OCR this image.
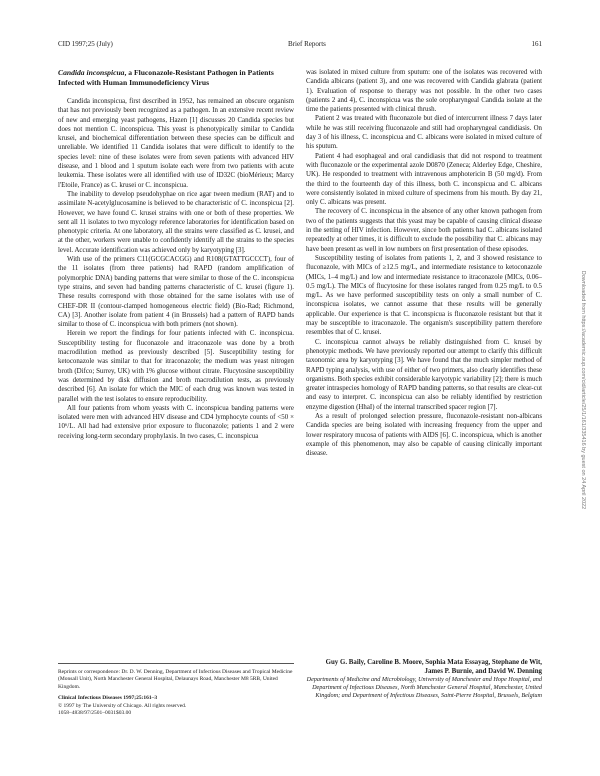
CID 1997;25 (July)	Brief Reports	161
Candida inconspicua, a Fluconazole-Resistant Pathogen in Patients Infected with Human Immunodeficiency Virus

Candida inconspicua, first described in 1952, has remained an obscure organism that has not previously been recognized as a pathogen. In an extensive recent review of new and emerging yeast pathogens, Hazen [1] discusses 20 Candida species but does not mention C. inconspicua. This yeast is phenotypically similar to Candida krusei, and biochemical differentiation between these species can be difficult and unreliable. We identified 11 Candida isolates that were difficult to identify to the species level: nine of these isolates were from seven patients with advanced HIV disease, and 1 blood and 1 sputum isolate each were from two patients with acute leukemia. These isolates were all identified with use of ID32C (bioMérieux; Marcy l'Etoile, France) as C. krusei or C. inconspicua.

The inability to develop pseudohyphae on rice agar tween medium (RAT) and to assimilate N-acetylglucosamine is believed to be characteristic of C. inconspicua [2]. However, we have found C. krusei strains with one or both of these properties. We sent all 11 isolates to two mycology reference laboratories for identification based on phenotypic criteria. At one laboratory, all the strains were classified as C. krusei, and at the other, workers were unable to confidently identify all the strains to the species level. Accurate identification was achieved only by karyotyping [3].

With use of the primers C11(GCGCACGG) and R108(GTATTGCCCT), four of the 11 isolates (from three patients) had RAPD (random amplification of polymorphic DNA) banding patterns that were similar to those of the C. inconspicua type strains, and seven had banding patterns characteristic of C. krusei (figure 1). These results correspond with those obtained for the same isolates with use of CHEF-DR II (contour-clamped homogeneous electric field) (Bio-Rad; Richmond, CA) [3]. Another isolate from patient 4 (in Brussels) had a pattern of RAPD bands similar to those of C. inconspicua with both primers (not shown).

Herein we report the findings for four patients infected with C. inconspicua. Susceptibility testing for fluconazole and itraconazole was done by a broth macrodilution method as previously described [5]. Susceptibility testing for ketoconazole was similar to that for itraconazole; the medium was yeast nitrogen broth (Difco; Surrey, UK) with 1% glucose without citrate. Flucytosine susceptibility was determined by disk diffusion and broth macrodilution tests, as previously described [6]. An isolate for which the MIC of each drug was known was tested in parallel with the test isolates to ensure reproducibility.

All four patients from whom yeasts with C. inconspicua banding patterns were isolated were men with advanced HIV disease and CD4 lymphocyte counts of <50 × 10⁶/L. All had had extensive prior exposure to fluconazole; patients 1 and 2 were receiving long-term secondary prophylaxis. In two cases, C. inconspicua

was isolated in mixed culture from sputum: one of the isolates was recovered with Candida albicans (patient 3), and one was recovered with Candida glabrata (patient 1). Evaluation of response to therapy was not possible. In the other two cases (patients 2 and 4), C. inconspicua was the sole oropharyngeal Candida isolate at the time the patients presented with clinical thrush.

Patient 2 was treated with fluconazole but died of intercurrent illness 7 days later while he was still receiving fluconazole and still had oropharyngeal candidiasis. On day 3 of his illness, C. inconspicua and C. albicans were isolated in mixed culture of his sputum.

Patient 4 had esophageal and oral candidiasis that did not respond to treatment with fluconazole or the experimental azole D0870 (Zeneca; Alderley Edge, Cheshire, UK). He responded to treatment with intravenous amphotericin B (50 mg/d). From the third to the fourteenth day of this illness, both C. inconspicua and C. albicans were consistently isolated in mixed culture of specimens from his mouth. By day 21, only C. albicans was present.

The recovery of C. inconspicua in the absence of any other known pathogen from two of the patients suggests that this yeast may be capable of causing clinical disease in the setting of HIV infection. However, since both patients had C. albicans isolated repeatedly at other times, it is difficult to exclude the possibility that C. albicans may have been present as well in low numbers on first presentation of these episodes.

Susceptibility testing of isolates from patients 1, 2, and 3 showed resistance to fluconazole, with MICs of ≥12.5 mg/L, and intermediate resistance to ketoconazole (MICs, 1–4 mg/L) and low and intermediate resistance to itraconazole (MICs, 0.06–0.5 mg/L). The MICs of flucytosine for these isolates ranged from 0.25 mg/L to 0.5 mg/L. As we have performed susceptibility tests on only a small number of C. inconspicua isolates, we cannot assume that these results will be generally applicable. Our experience is that C. inconspicua is fluconazole resistant but that it may be susceptible to itraconazole. The organism's susceptibility pattern therefore resembles that of C. krusei.

C. inconspicua cannot always be reliably distinguished from C. krusei by phenotypic methods. We have previously reported our attempt to clarify this difficult taxonomic area by karyotyping [3]. We have found that the much simpler method of RAPD typing analysis, with use of either of two primers, also clearly identifies these organisms. Both species exhibit considerable karyotypic variability [2]; there is much greater intraspecies homology of RAPD banding patterns, so that results are clear-cut and easy to interpret. C. inconspicua can also be reliably identified by restriction enzyme digestion (HhaI) of the internal transcribed spacer region [7].

As a result of prolonged selection pressure, fluconazole-resistant non-albicans Candida species are being isolated with increasing frequency from the upper and lower respiratory mucosa of patients with AIDS [6]. C. inconspicua, which is another example of this phenomenon, may also be capable of causing clinically important disease.

Reprints or correspondence: Dr. D. W. Denning, Department of Infectious Diseases and Tropical Medicine (Monsall Unit), North Manchester General Hospital, Delaunays Road, Manchester M8 5RB, United Kingdom.

Clinical Infectious Diseases 1997;25:161–3
© 1997 by The University of Chicago. All rights reserved.
1058–4838/97/2501–0031$03.00
Guy G. Baily, Caroline B. Moore, Sophia Mata Essayag, Stephane de Wit, James P. Burnie, and David W. Denning
Departments of Medicine and Microbiology, University of Manchester and Hope Hospital, and Department of Infectious Diseases, North Manchester General Hospital, Manchester, United Kingdom; and Department of Infectious Diseases, Saint-Pierre Hospital, Brussels, Belgium
Downloaded from https://academic.oup.com/cid/article/25/1/161/335416 by guest on 24 April 2022
